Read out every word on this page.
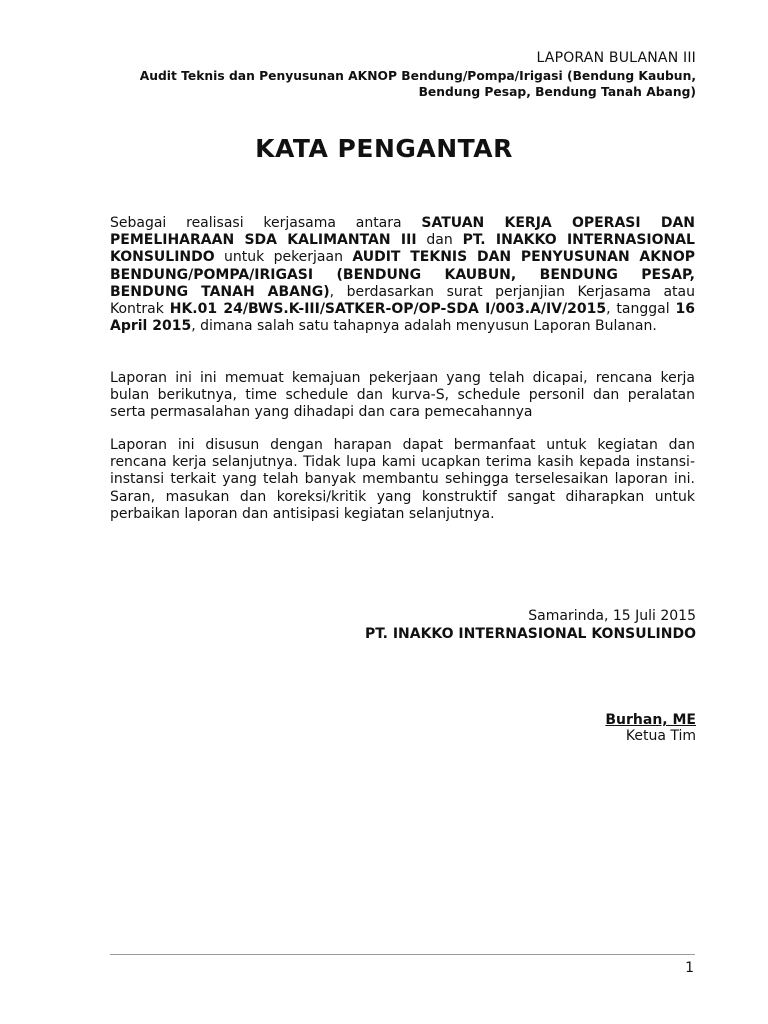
LAPORAN BULANAN III
Audit Teknis dan Penyusunan AKNOP Bendung/Pompa/Irigasi (Bendung Kaubun,
Bendung Pesap, Bendung Tanah Abang)
KATA PENGANTAR

Sebagai realisasi kerjasama antara SATUAN KERJA OPERASI DAN PEMELIHARAAN SDA KALIMANTAN III dan PT. INAKKO INTERNASIONAL KONSULINDO untuk pekerjaan AUDIT TEKNIS DAN PENYUSUNAN AKNOP BENDUNG/POMPA/IRIGASI (BENDUNG KAUBUN, BENDUNG PESAP, BENDUNG TANAH ABANG), berdasarkan surat perjanjian Kerjasama atau Kontrak HK.01 24/BWS.K-III/SATKER-OP/OP-SDA I/003.A/IV/2015, tanggal 16 April 2015, dimana salah satu tahapnya adalah menyusun Laporan Bulanan.

Laporan ini ini memuat kemajuan pekerjaan yang telah dicapai, rencana kerja bulan berikutnya, time schedule dan kurva-S, schedule personil dan peralatan serta permasalahan yang dihadapi dan cara pemecahannya

Laporan ini disusun dengan harapan dapat bermanfaat untuk kegiatan dan rencana kerja selanjutnya. Tidak lupa kami ucapkan terima kasih kepada instansi-instansi terkait yang telah banyak membantu sehingga terselesaikan laporan ini. Saran, masukan dan koreksi/kritik yang konstruktif sangat diharapkan untuk perbaikan laporan dan antisipasi kegiatan selanjutnya.

Samarinda, 15 Juli 2015
PT. INAKKO INTERNASIONAL KONSULINDO
Burhan, ME
Ketua Tim
1
